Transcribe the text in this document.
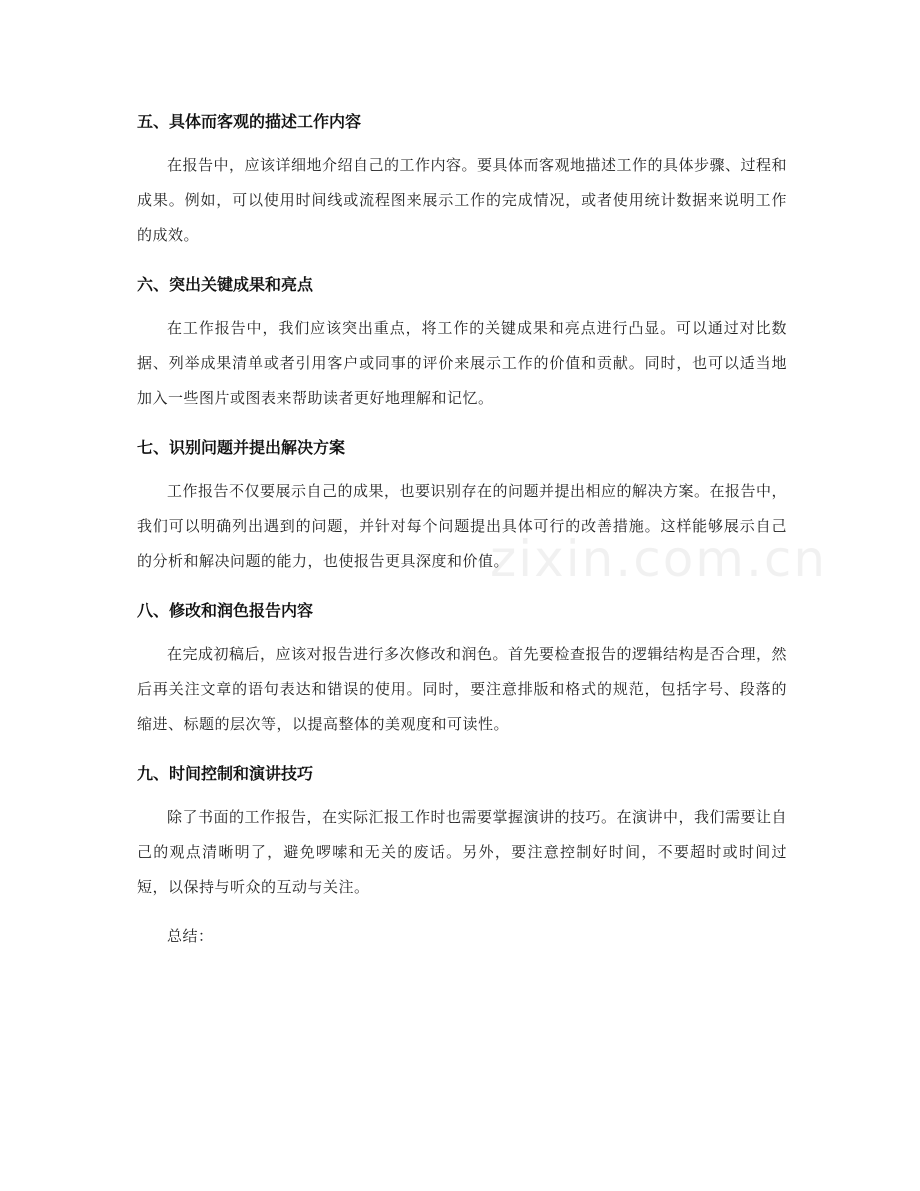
五、具体而客观的描述工作内容

在报告中，应该详细地介绍自己的工作内容。要具体而客观地描述工作的具体步骤、过程和成果。例如，可以使用时间线或流程图来展示工作的完成情况，或者使用统计数据来说明工作的成效。

六、突出关键成果和亮点

在工作报告中，我们应该突出重点，将工作的关键成果和亮点进行凸显。可以通过对比数据、列举成果清单或者引用客户或同事的评价来展示工作的价值和贡献。同时，也可以适当地加入一些图片或图表来帮助读者更好地理解和记忆。

七、识别问题并提出解决方案

工作报告不仅要展示自己的成果，也要识别存在的问题并提出相应的解决方案。在报告中，我们可以明确列出遇到的问题，并针对每个问题提出具体可行的改善措施。这样能够展示自己的分析和解决问题的能力，也使报告更具深度和价值。

八、修改和润色报告内容

在完成初稿后，应该对报告进行多次修改和润色。首先要检查报告的逻辑结构是否合理，然后再关注文章的语句表达和错误的使用。同时，要注意排版和格式的规范，包括字号、段落的缩进、标题的层次等，以提高整体的美观度和可读性。

九、时间控制和演讲技巧

除了书面的工作报告，在实际汇报工作时也需要掌握演讲的技巧。在演讲中，我们需要让自己的观点清晰明了，避免啰嗦和无关的废话。另外，要注意控制好时间，不要超时或时间过短，以保持与听众的互动与关注。

总结：

zixin.com.cn
